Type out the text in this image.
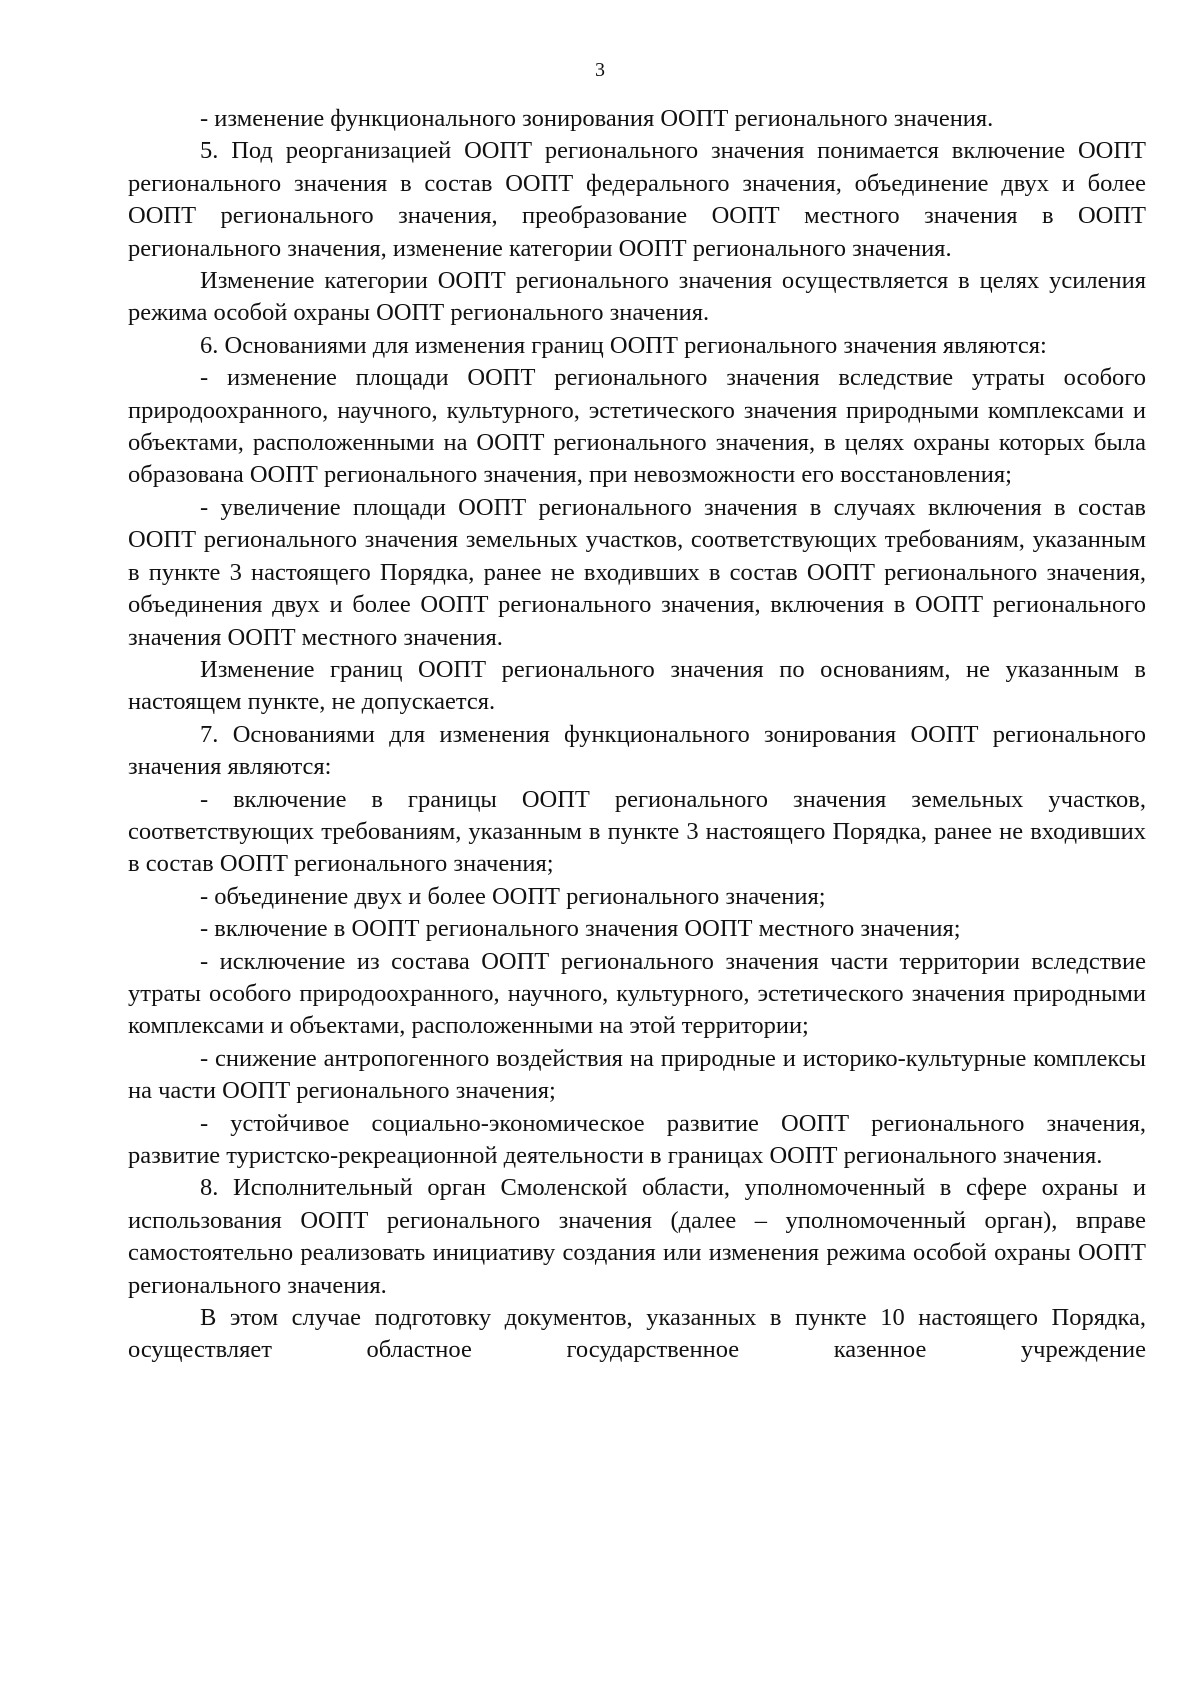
3

- изменение функционального зонирования ООПТ регионального значения.

5. Под реорганизацией ООПТ регионального значения понимается включение ООПТ регионального значения в состав ООПТ федерального значения, объединение двух и более ООПТ регионального значения, преобразование ООПТ местного значения в ООПТ регионального значения, изменение категории ООПТ регионального значения.

Изменение категории ООПТ регионального значения осуществляется в целях усиления режима особой охраны ООПТ регионального значения.

6. Основаниями для изменения границ ООПТ регионального значения являются:

- изменение площади ООПТ регионального значения вследствие утраты особого природоохранного, научного, культурного, эстетического значения природными комплексами и объектами, расположенными на ООПТ регионального значения, в целях охраны которых была образована ООПТ регионального значения, при невозможности его восстановления;

- увеличение площади ООПТ регионального значения в случаях включения в состав ООПТ регионального значения земельных участков, соответствующих требованиям, указанным в пункте 3 настоящего Порядка, ранее не входивших в состав ООПТ регионального значения, объединения двух и более ООПТ регионального значения, включения в ООПТ регионального значения ООПТ местного значения.

Изменение границ ООПТ регионального значения по основаниям, не указанным в настоящем пункте, не допускается.

7. Основаниями для изменения функционального зонирования ООПТ регионального значения являются:

- включение в границы ООПТ регионального значения земельных участков, соответствующих требованиям, указанным в пункте 3 настоящего Порядка, ранее не входивших в состав ООПТ регионального значения;

- объединение двух и более ООПТ регионального значения;

- включение в ООПТ регионального значения ООПТ местного значения;

- исключение из состава ООПТ регионального значения части территории вследствие утраты особого природоохранного, научного, культурного, эстетического значения природными комплексами и объектами, расположенными на этой территории;

- снижение антропогенного воздействия на природные и историко-культурные комплексы на части ООПТ регионального значения;

- устойчивое социально-экономическое развитие ООПТ регионального значения, развитие туристско-рекреационной деятельности в границах ООПТ регионального значения.

8. Исполнительный орган Смоленской области, уполномоченный в сфере охраны и использования ООПТ регионального значения (далее – уполномоченный орган), вправе самостоятельно реализовать инициативу создания или изменения режима особой охраны ООПТ регионального значения.

В этом случае подготовку документов, указанных в пункте 10 настоящего Порядка, осуществляет областное государственное казенное учреждение
